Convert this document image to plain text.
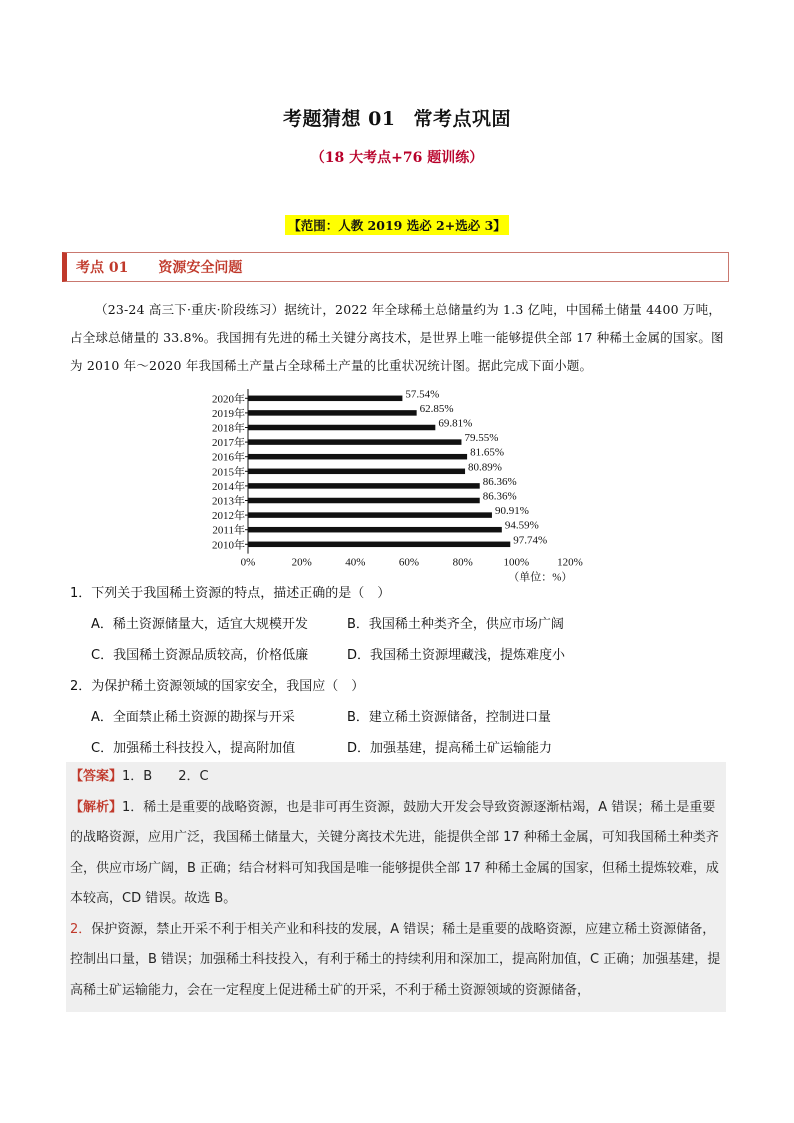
考题猜想 01 常考点巩固
（18 大考点+76 题训练）
【范围：人教 2019 选必 2+选必 3】
考点 01 资源安全问题
（23-24 高三下·重庆·阶段练习）据统计，2022 年全球稀土总储量约为 1.3 亿吨，中国稀土储量 4400 万吨，占全球总储量的 33.8%。我国拥有先进的稀土关键分离技术，是世界上唯一能够提供全部 17 种稀土金属的国家。图为 2010 年～2020 年我国稀土产量占全球稀土产量的比重状况统计图。据此完成下面小题。
2020年	57.54%
2019年	62.85%
2018年	69.81%
2017年	79.55%
2016年	81.65%
2015年	80.89%
2014年	86.36%
2013年	86.36%
2012年	90.91%
2011年	94.59%
2010年	97.74%
0%	20%	40%	60%	80%	100%	120%
（单位：%）
1．下列关于我国稀土资源的特点，描述正确的是（　）
A．稀土资源储量大，适宜大规模开发	B．我国稀土种类齐全，供应市场广阔
C．我国稀土资源品质较高，价格低廉	D．我国稀土资源埋藏浅，提炼难度小
2．为保护稀土资源领域的国家安全，我国应（　）
A．全面禁止稀土资源的勘探与开采	B．建立稀土资源储备，控制进口量
C．加强稀土科技投入，提高附加值	D．加强基建，提高稀土矿运输能力

【答案】1．B　　2．C

【解析】1．稀土是重要的战略资源，也是非可再生资源，鼓励大开发会导致资源逐渐枯竭，A 错误；稀土是重要的战略资源，应用广泛，我国稀土储量大，关键分离技术先进，能提供全部 17 种稀土金属，可知我国稀土种类齐全，供应市场广阔，B 正确；结合材料可知我国是唯一能够提供全部 17 种稀土金属的国家，但稀土提炼较难，成本较高，CD 错误。故选 B。

2．保护资源，禁止开采不利于相关产业和科技的发展，A 错误；稀土是重要的战略资源，应建立稀土资源储备，控制出口量，B 错误；加强稀土科技投入，有利于稀土的持续利用和深加工，提高附加值，C 正确；加强基建，提高稀土矿运输能力，会在一定程度上促进稀土矿的开采，不利于稀土资源领域的资源储备，
